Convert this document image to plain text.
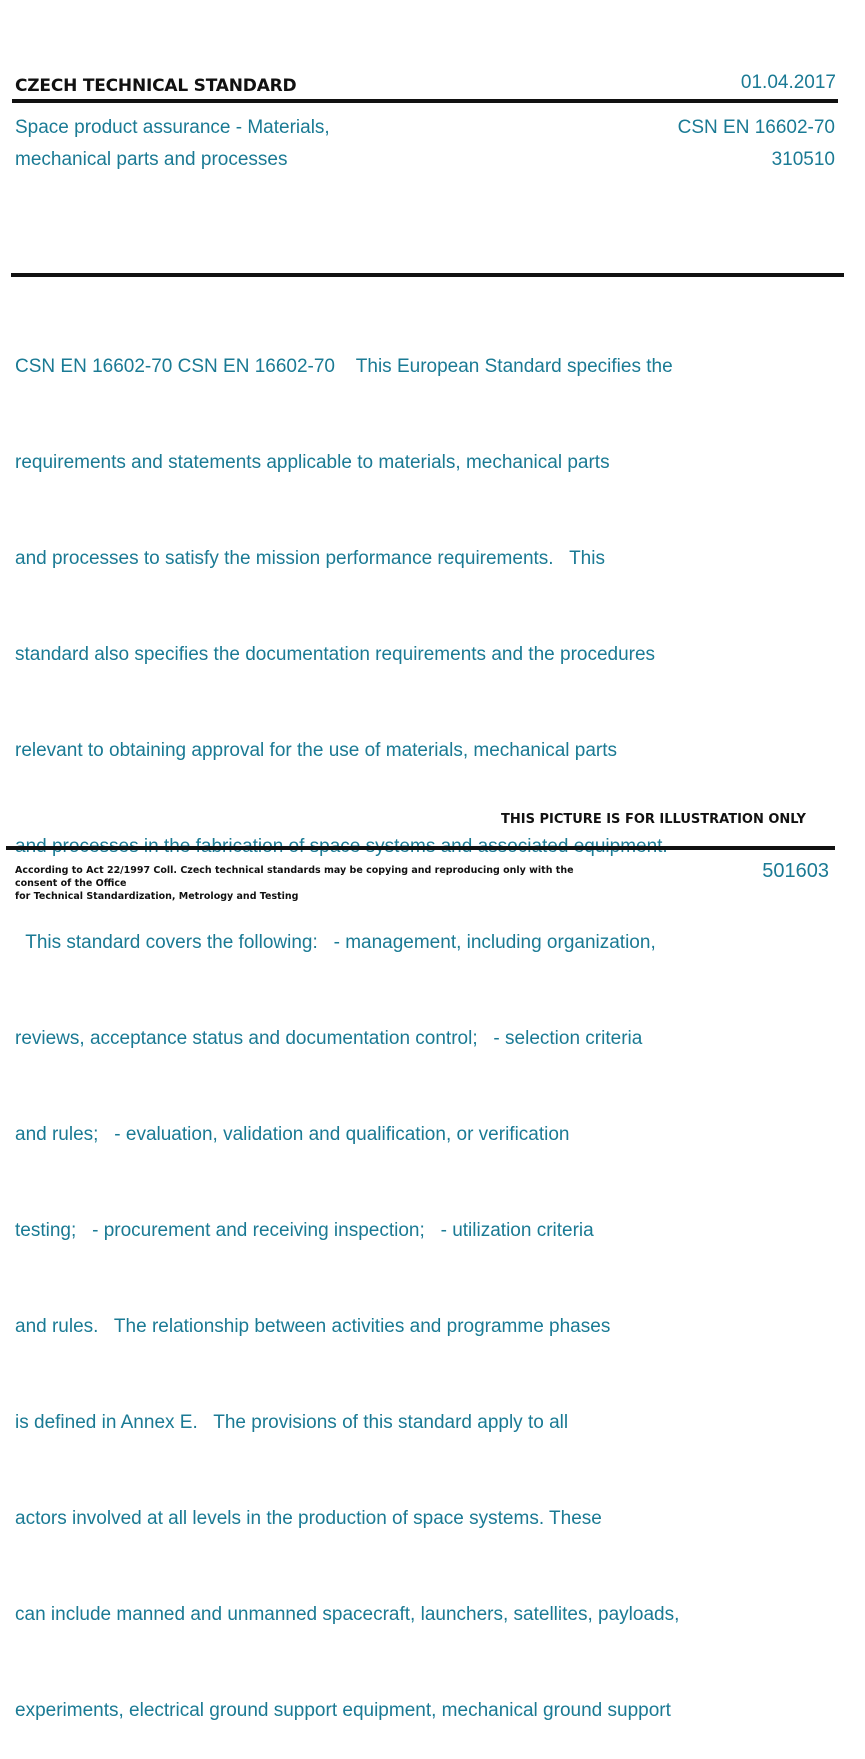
CZECH TECHNICAL STANDARD	01.04.2017
Space product assurance - Materials,
mechanical parts and processes
CSN EN 16602-70
310510

CSN EN 16602-70 CSN EN 16602-70    This European Standard specifies the

requirements and statements applicable to materials, mechanical parts

and processes to satisfy the mission performance requirements.   This

standard also specifies the documentation requirements and the procedures

relevant to obtaining approval for the use of materials, mechanical parts

This standard covers the following:   - management, including organization,

reviews, acceptance status and documentation control;   - selection criteria

and rules;   - evaluation, validation and qualification, or verification

testing;   - procurement and receiving inspection;   - utilization criteria

and rules.   The relationship between activities and programme phases

is defined in Annex E.   The provisions of this standard apply to all

actors involved at all levels in the production of space systems. These

can include manned and unmanned spacecraft, launchers, satellites, payloads,

experiments, electrical ground support equipment, mechanical ground support

THIS PICTURE IS FOR ILLUSTRATION ONLY
According to Act 22/1997 Coll. Czech technical standards may be copying and reproducing only with the consent of the Office
for Technical Standardization, Metrology and Testing
501603
